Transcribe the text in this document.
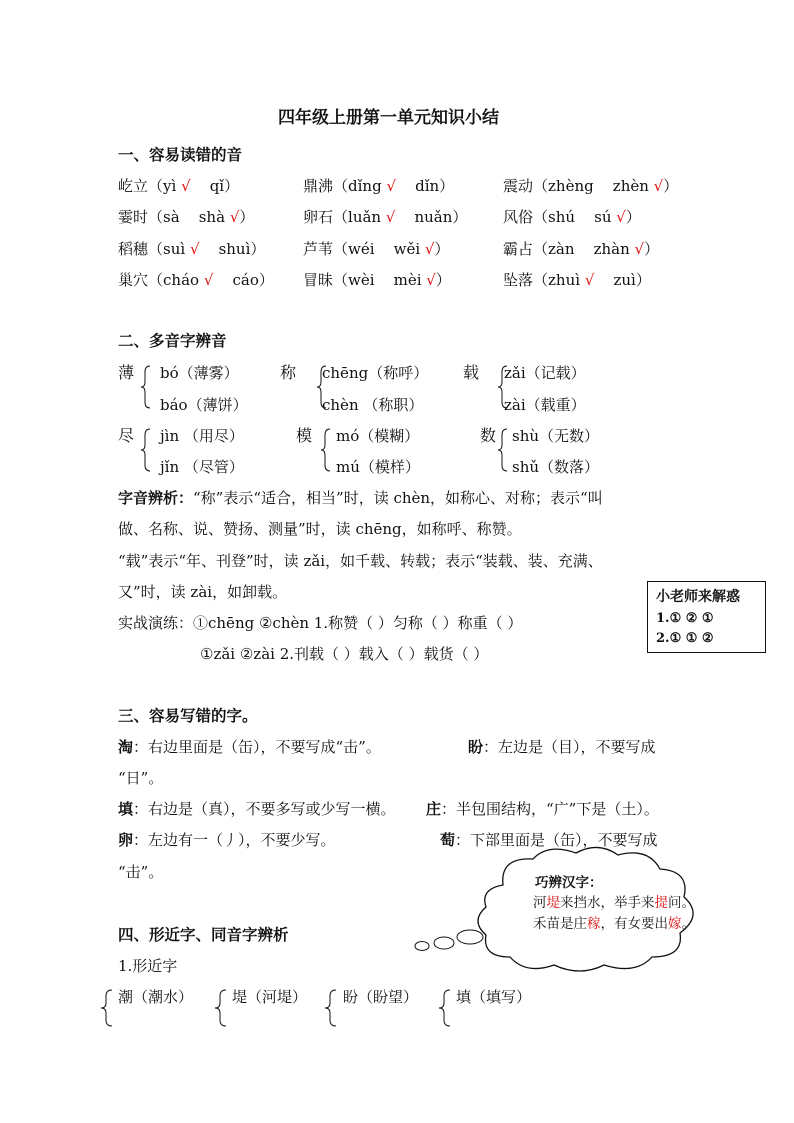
四年级上册第一单元知识小结
一、容易读错的音
屹立（yì √ qǐ）	鼎沸（dǐng √ dǐn）	震动（zhèng zhèn √）
霎时（sà shà √）	卵石（luǎn √ nuǎn） 风俗（shú sú √）
稻穗（suì √ shuì）	芦苇（wéi wěi √）	霸占（zàn zhàn √）
巢穴（cháo √ cáo） 冒昧（wèi mèi √）	坠落（zhuì √ zuì）
二、多音字辨音
薄 bó（薄雾）
báo（薄饼）
称 chēng（称呼）
chèn （称职）
载 zǎi（记载）
zài（载重）
尽 jìn （用尽）
jǐn （尽管）
模 mó（模糊）
mú（模样）
数 shù（无数）
shǔ（数落）
字音辨析：“称”表示“适合，相当”时，读 chèn，如称心、对称；表示“叫
做、名称、说、赞扬、测量”时，读 chēng，如称呼、称赞。
“载”表示“年、刊登”时，读 zǎi，如千载、转载；表示“装载、装、充满、
又”时，读 zài，如卸载。
实战演练：①chēng ②chèn 1.称赞（ ）匀称（ ）称重（ ）
①zǎi ②zài 2.刊载（ ）载入（ ）载货（ ）
小老师来解惑
1.① ② ①
2.① ① ②
三、容易写错的字。
淘：右边里面是（缶），不要写成“击”。	盼：左边是（目），不要写成
“日”。
填：右边是（真），不要多写或少写一横。 庄：半包围结构，“广”下是（土）。
卵：左边有一（丿），不要少写。	萄：下部里面是（缶），不要写成
“击”。
巧辨汉字：
河堤来挡水，举手来提问。
禾苗是庄稼，有女要出嫁。
四、形近字、同音字辨析
1.形近字
潮（潮水）	堤（河堤） 盼（盼望）	填（填写）
